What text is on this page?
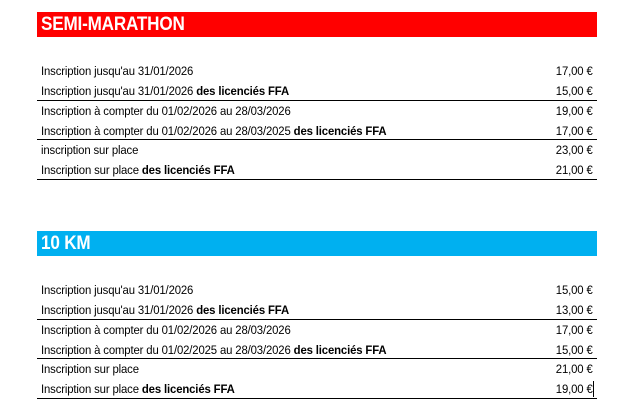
SEMI-MARATHON
Inscription jusqu'au 31/01/2026	17,00 €
Inscription jusqu'au 31/01/2026 des licenciés FFA	15,00 €
Inscription à compter du 01/02/2026 au 28/03/2026	19,00 €
Inscription à compter du 01/02/2026 au 28/03/2025 des licenciés FFA	17,00 €
inscription sur place	23,00 €
Inscription sur place des licenciés FFA	21,00 €
10 KM
Inscription jusqu'au 31/01/2026	15,00 €
Inscription jusqu'au 31/01/2026 des licenciés FFA	13,00 €
Inscription à compter du 01/02/2026 au 28/03/2026	17,00 €
Inscription à compter du 01/02/2025 au 28/03/2026 des licenciés FFA	15,00 €
Inscription sur place	21,00 €
Inscription sur place des licenciés FFA	19,00 €
